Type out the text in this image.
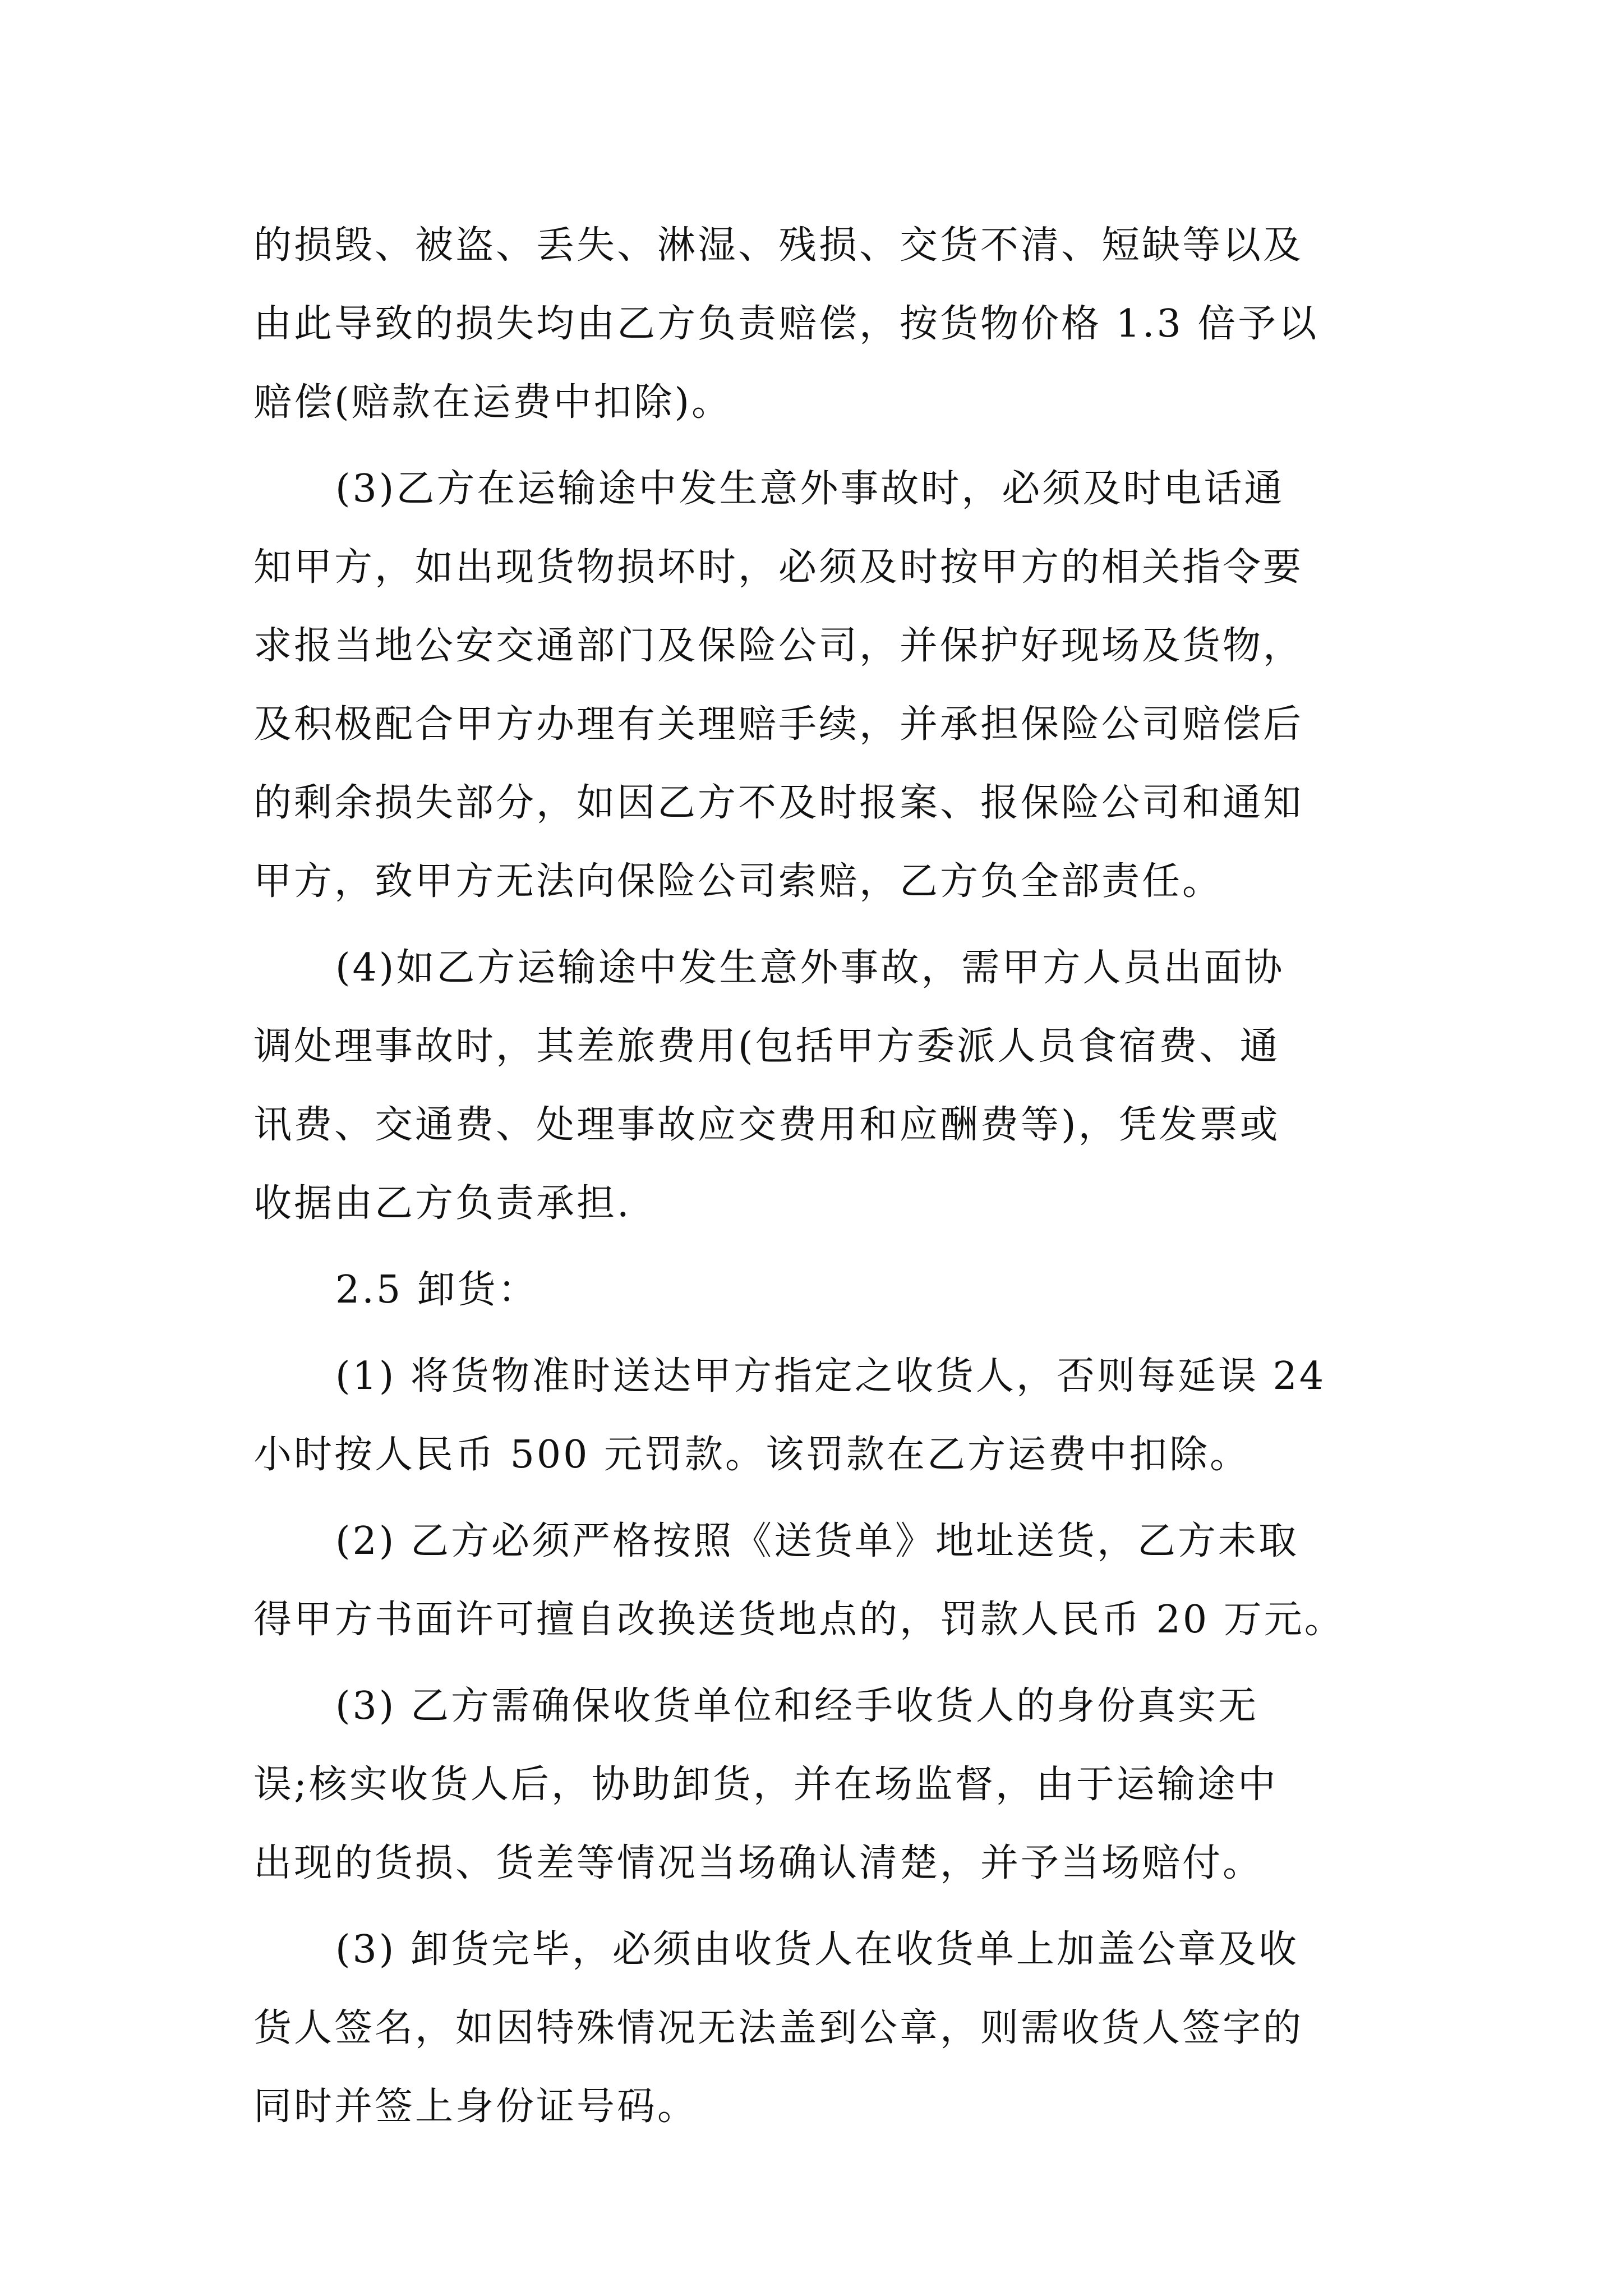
的损毁、被盗、丢失、淋湿、残损、交货不清、短缺等以及
由此导致的损失均由乙方负责赔偿，按货物价格 1.3 倍予以
赔偿(赔款在运费中扣除)。
(3)乙方在运输途中发生意外事故时，必须及时电话通
知甲方，如出现货物损坏时，必须及时按甲方的相关指令要
求报当地公安交通部门及保险公司，并保护好现场及货物，
及积极配合甲方办理有关理赔手续，并承担保险公司赔偿后
的剩余损失部分，如因乙方不及时报案、报保险公司和通知
甲方，致甲方无法向保险公司索赔，乙方负全部责任。
(4)如乙方运输途中发生意外事故，需甲方人员出面协
调处理事故时，其差旅费用(包括甲方委派人员食宿费、通
讯费、交通费、处理事故应交费用和应酬费等)，凭发票或
收据由乙方负责承担.
2.5 卸货：
(1) 将货物准时送达甲方指定之收货人，否则每延误 24
小时按人民币 500 元罚款。该罚款在乙方运费中扣除。
(2) 乙方必须严格按照《送货单》地址送货，乙方未取
得甲方书面许可擅自改换送货地点的，罚款人民币 20 万元。
(3) 乙方需确保收货单位和经手收货人的身份真实无
误;核实收货人后，协助卸货，并在场监督，由于运输途中
出现的货损、货差等情况当场确认清楚，并予当场赔付。
(3) 卸货完毕，必须由收货人在收货单上加盖公章及收
货人签名，如因特殊情况无法盖到公章，则需收货人签字的
同时并签上身份证号码。
